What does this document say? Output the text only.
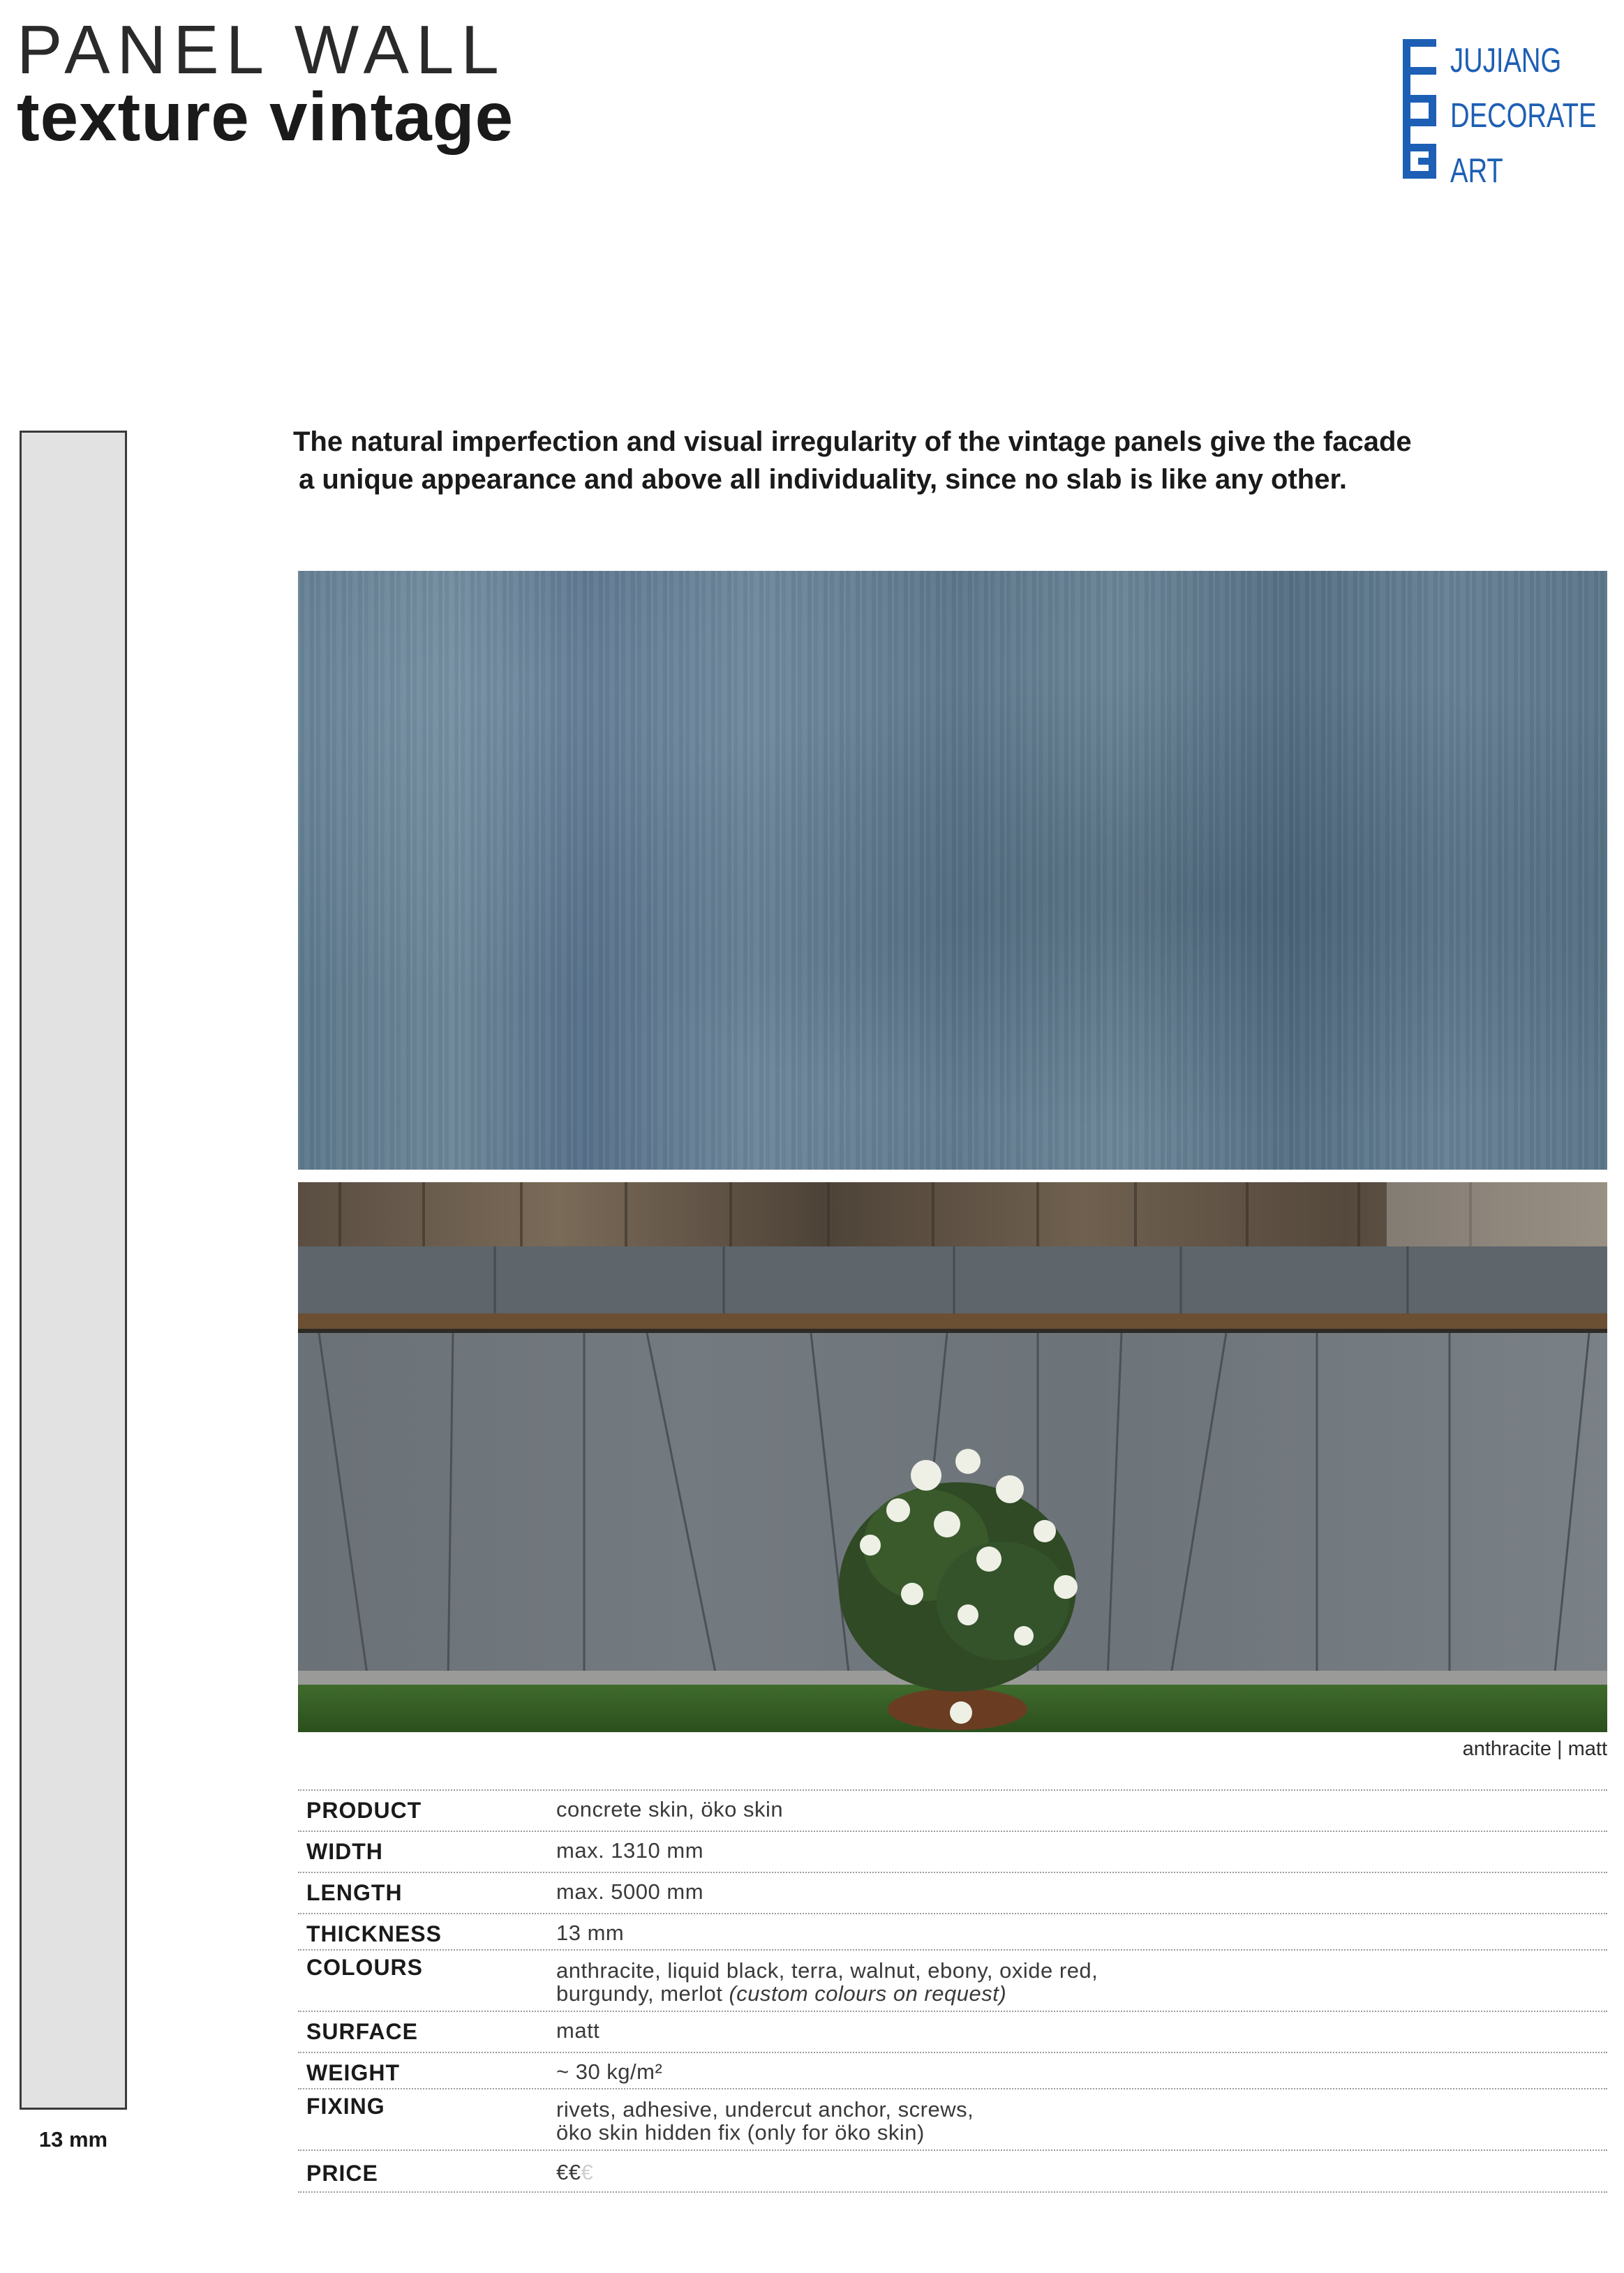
PANEL WALL
texture vintage
JUJIANG
DECORATE
ART
13 mm
The natural imperfection and visual irregularity of the vintage panels give the facade
a unique appearance and above all individuality, since no slab is like any other.
anthracite | matt
PRODUCT	concrete skin, öko skin
WIDTH	max. 1310 mm
LENGTH	max. 5000 mm
THICKNESS	13 mm
COLOURS	anthracite, liquid black, terra, walnut, ebony, oxide red,
burgundy, merlot (custom colours on request)
SURFACE	matt
WEIGHT	~ 30 kg/m²
FIXING	rivets, adhesive, undercut anchor, screws,
öko skin hidden fix (only for öko skin)
PRICE	€€€
